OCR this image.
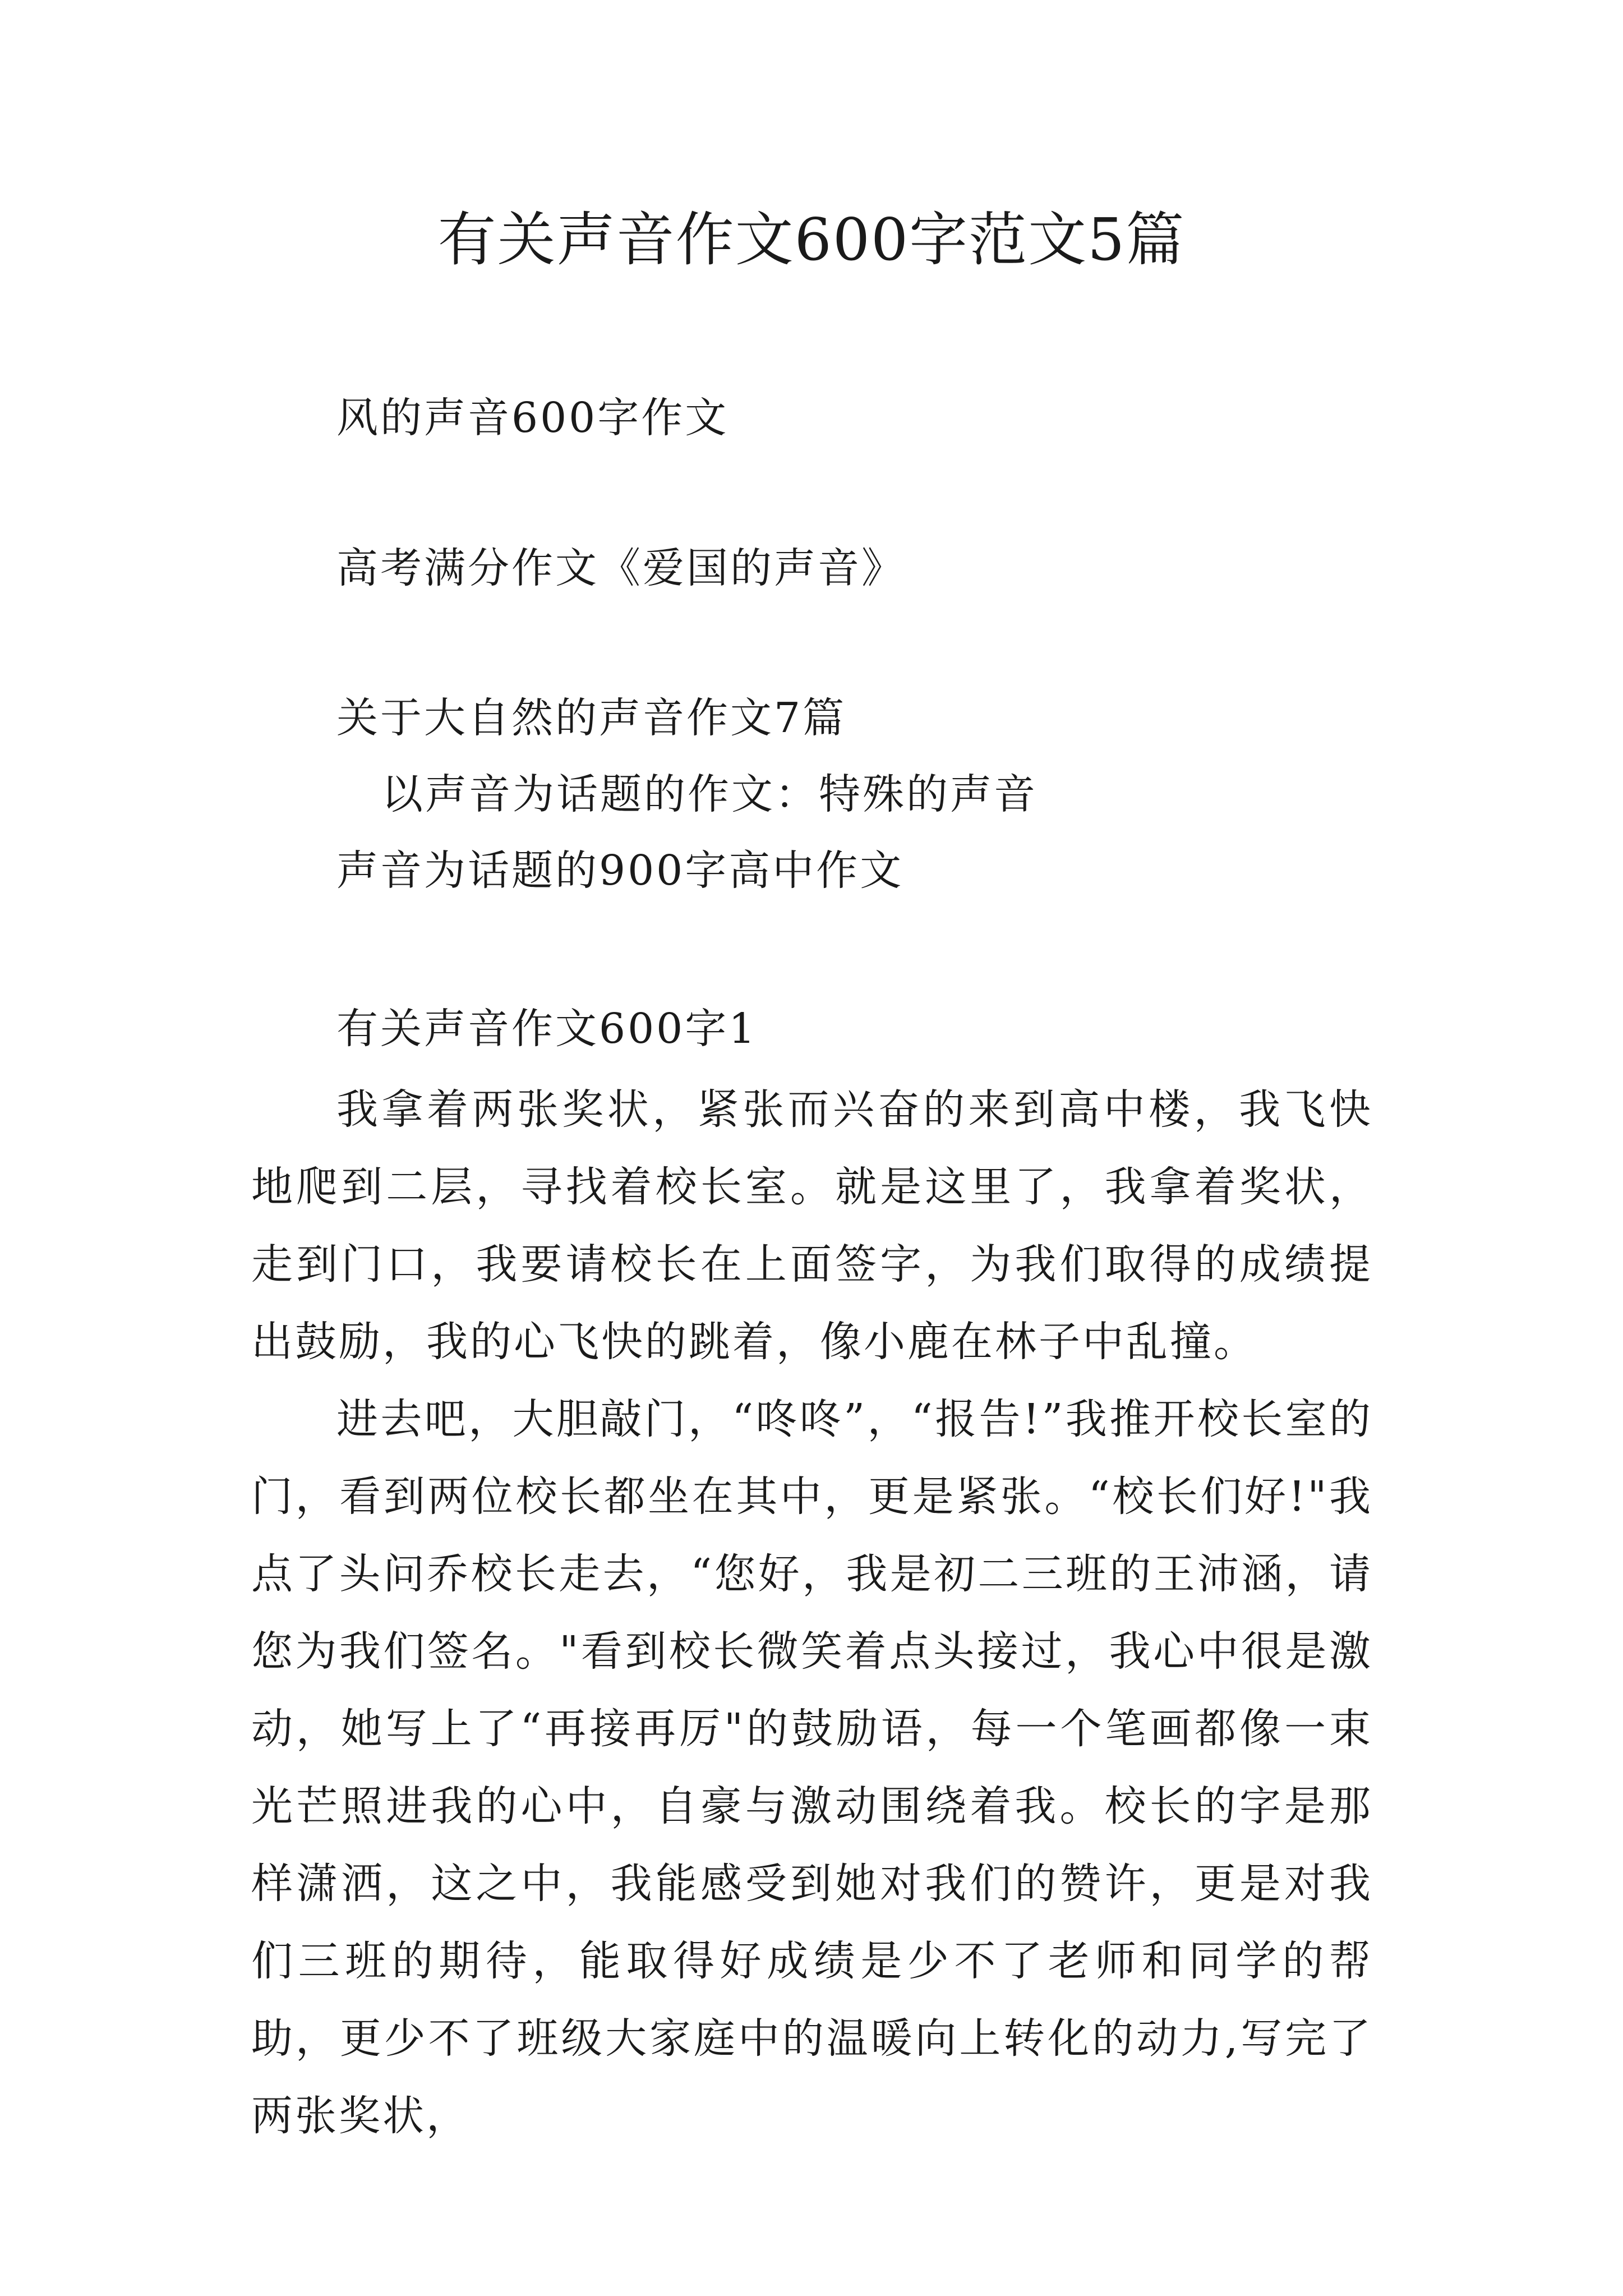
有关声音作文600字范文5篇
风的声音600字作文
高考满分作文《爱国的声音》
关于大自然的声音作文7篇
以声音为话题的作文：特殊的声音
声音为话题的900字高中作文

有关声音作文600字1

我拿着两张奖状，紧张而兴奋的来到高中楼，我飞快地爬到二层，寻找着校长室。就是这里了，我拿着奖状，走到门口，我要请校长在上面签字，为我们取得的成绩提出鼓励，我的心飞快的跳着，像小鹿在林子中乱撞。

进去吧，大胆敲门，“咚咚”，“报告!”我推开校长室的门，看到两位校长都坐在其中，更是紧张。“校长们好!"我点了头问乔校长走去，“您好，我是初二三班的王沛涵，请您为我们签名。"看到校长微笑着点头接过，我心中很是激动，她写上了“再接再厉"的鼓励语，每一个笔画都像一束光芒照进我的心中，自豪与激动围绕着我。校长的字是那样潇洒，这之中，我能感受到她对我们的赞许，更是对我们三班的期待，能取得好成绩是少不了老师和同学的帮助，更少不了班级大家庭中的温暖向上转化的动力,写完了两张奖状，
